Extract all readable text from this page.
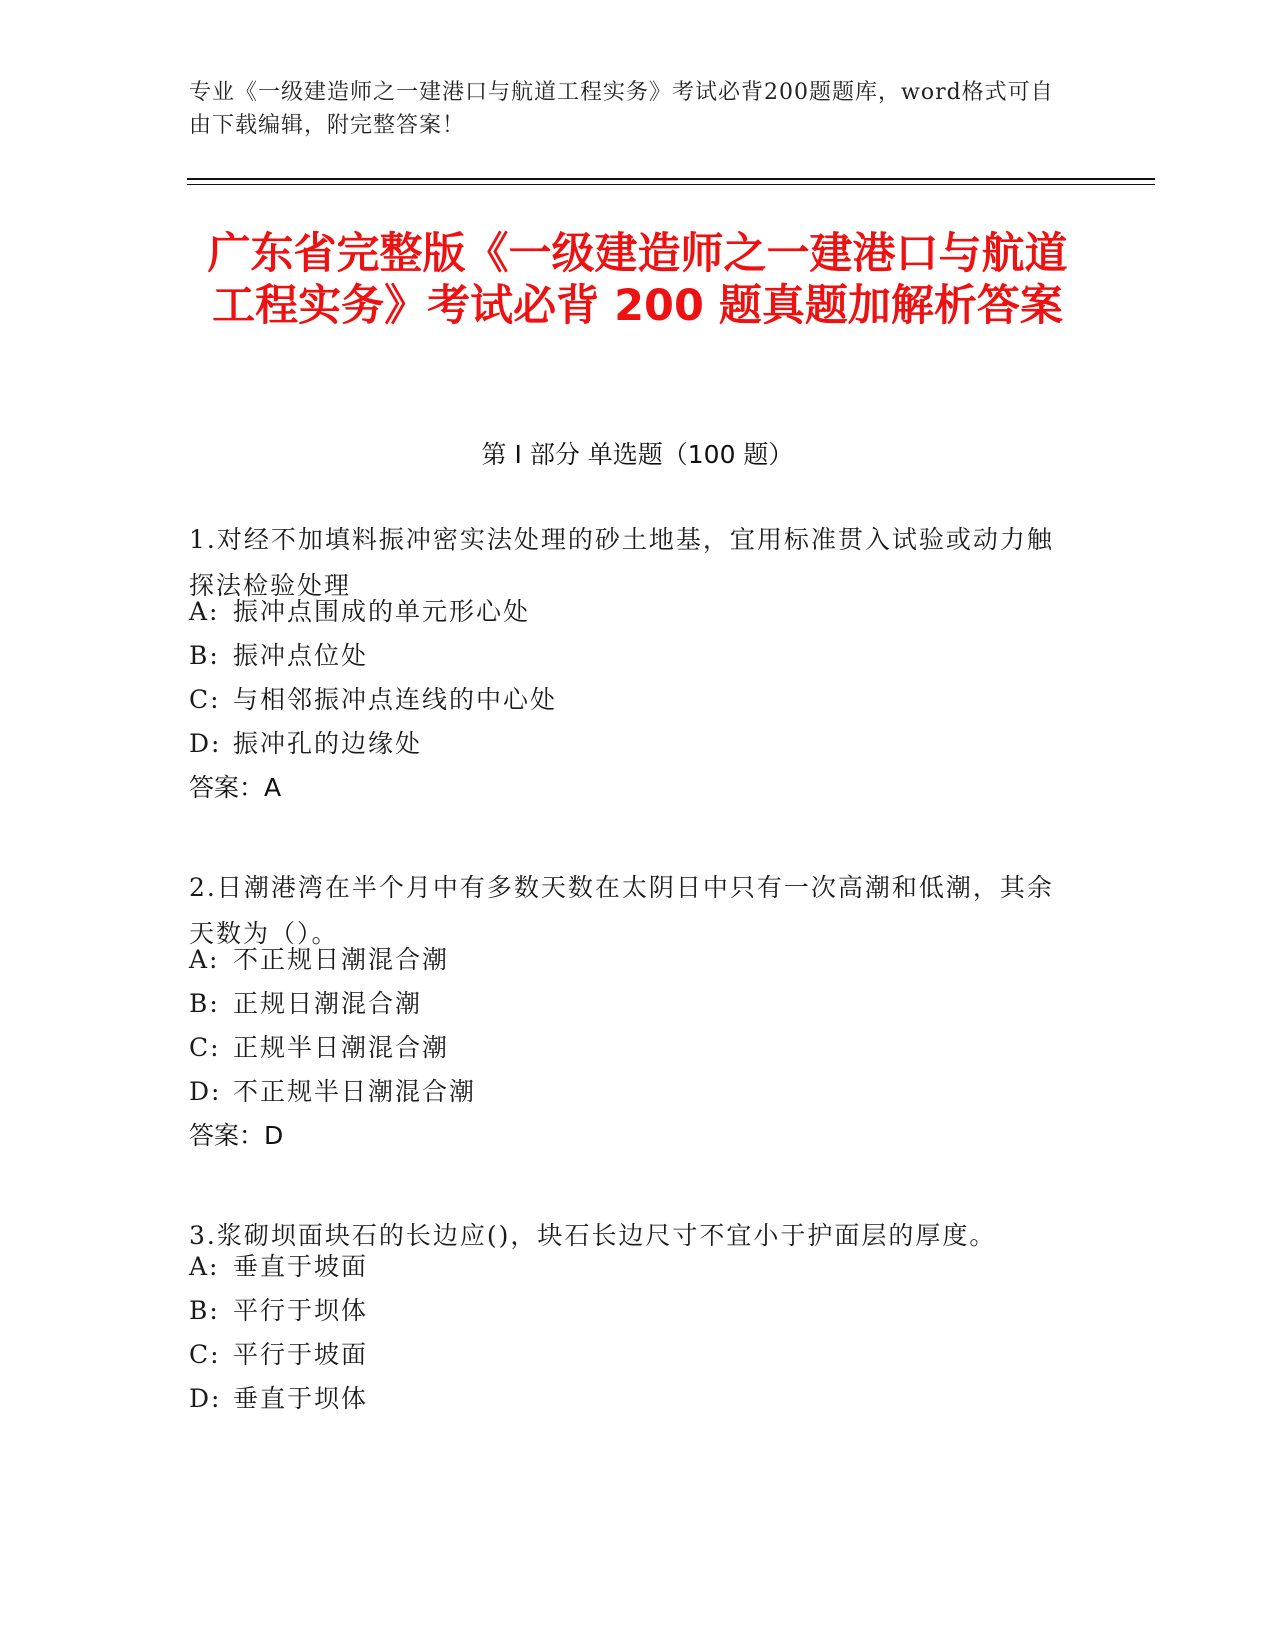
专业《一级建造师之一建港口与航道工程实务》考试必背200题题库，word格式可自由下载编辑，附完整答案！
广东省完整版《一级建造师之一建港口与航道工程实务》考试必背 200 题真题加解析答案
第 I 部分 单选题（100 题）
1.对经不加填料振冲密实法处理的砂土地基，宜用标准贯入试验或动力触探法检验处理
A: 振冲点围成的单元形心处
B: 振冲点位处
C: 与相邻振冲点连线的中心处
D: 振冲孔的边缘处
答案：A
2.日潮港湾在半个月中有多数天数在太阴日中只有一次高潮和低潮，其余天数为（）。
A: 不正规日潮混合潮
B: 正规日潮混合潮
C: 正规半日潮混合潮
D: 不正规半日潮混合潮
答案：D
3.浆砌坝面块石的长边应()，块石长边尺寸不宜小于护面层的厚度。
A: 垂直于坡面
B: 平行于坝体
C: 平行于坡面
D: 垂直于坝体
